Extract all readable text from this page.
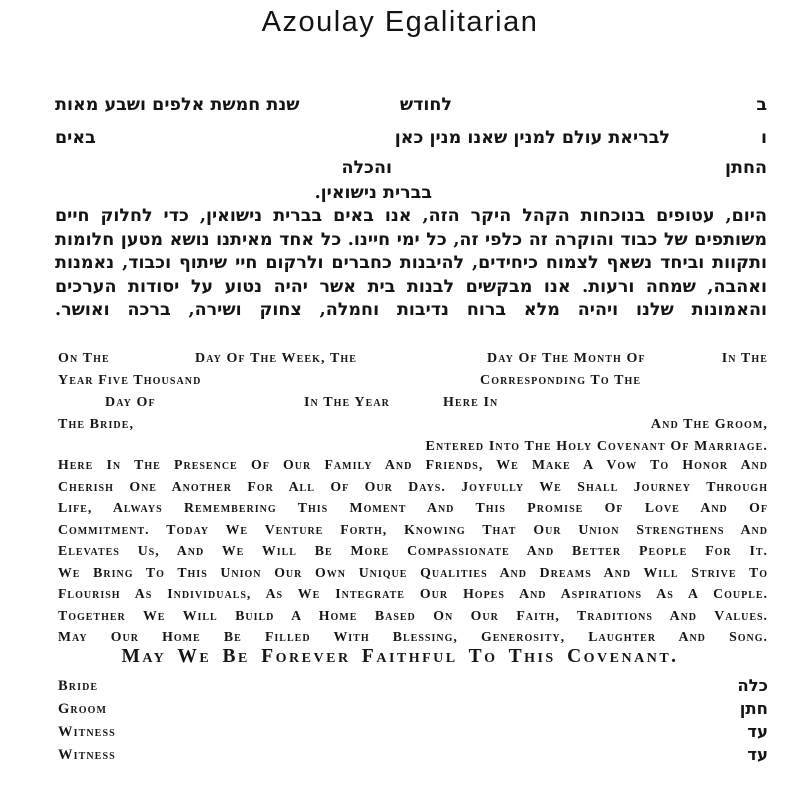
Azoulay Egalitarian
ב
לחודש
שנת חמשת אלפים ושבע מאות
ו
לבריאת עולם למנין שאנו מנין כאן
באים
החתן
והכלה
בברית נישואין.
היום, עטופים בנוכחות הקהל היקר הזה, אנו באים בברית נישואין, כדי לחלוק חיים
משותפים של כבוד והוקרה זה כלפי זה, כל ימי חיינו. כל אחד מאיתנו נושא מטען חלומות
ותקוות וביחד נשאף לצמוח כיחידים, להיבנות כחברים ולרקום חיי שיתוף וכבוד, נאמנות
ואהבה, שמחה ורעות. אנו מבקשים לבנות בית אשר יהיה נטוע על יסודות הערכים
והאמונות שלנו ויהיה מלא ברוח נדיבות וחמלה, צחוק ושירה, ברכה ואושר.
On The	Day Of The Week, The	Day Of The Month Of	In The
Year Five Thousand	Corresponding To The
Day Of	In The Year	Here In
The Bride,	And The Groom,
Entered Into The Holy Covenant Of Marriage.
Here In The Presence Of Our Family And Friends, We Make A Vow To Honor And
Cherish One Another For All Of Our Days. Joyfully We Shall Journey Through
Life, Always Remembering This Moment And This Promise Of Love And Of
Commitment. Today We Venture Forth, Knowing That Our Union Strengthens And
Elevates Us, And We Will Be More Compassionate And Better People For It.
We Bring To This Union Our Own Unique Qualities And Dreams And Will Strive To
Flourish As Individuals, As We Integrate Our Hopes And Aspirations As A Couple.
Together We Will Build A Home Based On Our Faith, Traditions And Values.
May Our Home Be Filled With Blessing, Generosity, Laughter And Song.
May We Be Forever Faithful To This Covenant.
Bride	כלה
Groom	חתן
Witness	עד
Witness	עד
